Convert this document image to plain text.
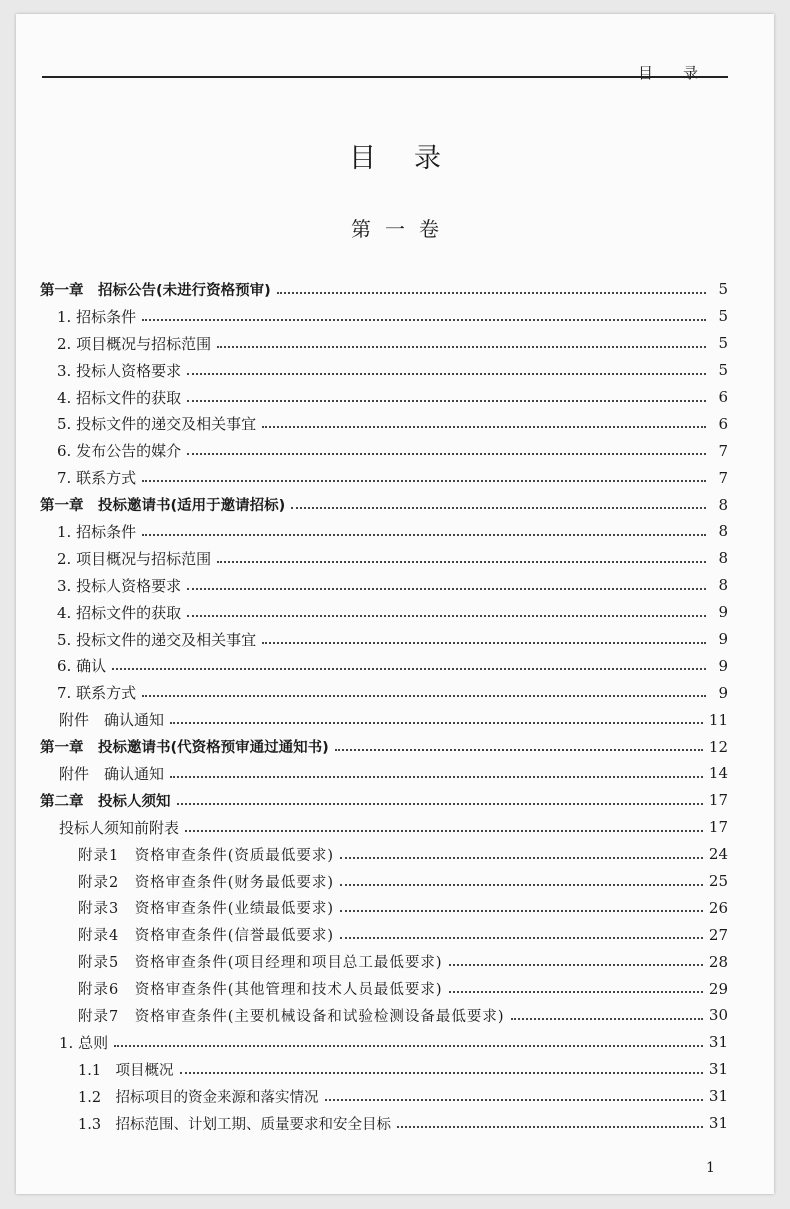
目录
目录
第一卷
第一章　招标公告(未进行资格预审)	5
1. 招标条件	5
2. 项目概况与招标范围	5
3. 投标人资格要求	5
4. 招标文件的获取	6
5. 投标文件的递交及相关事宜	6
6. 发布公告的媒介	7
7. 联系方式	7
第一章　投标邀请书(适用于邀请招标)	8
1. 招标条件	8
2. 项目概况与招标范围	8
3. 投标人资格要求	8
4. 招标文件的获取	9
5. 投标文件的递交及相关事宜	9
6. 确认	9
7. 联系方式	9
附件　确认通知	11
第一章　投标邀请书(代资格预审通过通知书)	12
附件　确认通知	14
第二章　投标人须知	17
投标人须知前附表	17
附录1　资格审查条件(资质最低要求)	24
附录2　资格审查条件(财务最低要求)	25
附录3　资格审查条件(业绩最低要求)	26
附录4　资格审查条件(信誉最低要求)	27
附录5　资格审查条件(项目经理和项目总工最低要求)	28
附录6　资格审查条件(其他管理和技术人员最低要求)	29
附录7　资格审查条件(主要机械设备和试验检测设备最低要求)	30
1. 总则	31
1.1　项目概况	31
1.2　招标项目的资金来源和落实情况	31
1.3　招标范围、计划工期、质量要求和安全目标	31
1
